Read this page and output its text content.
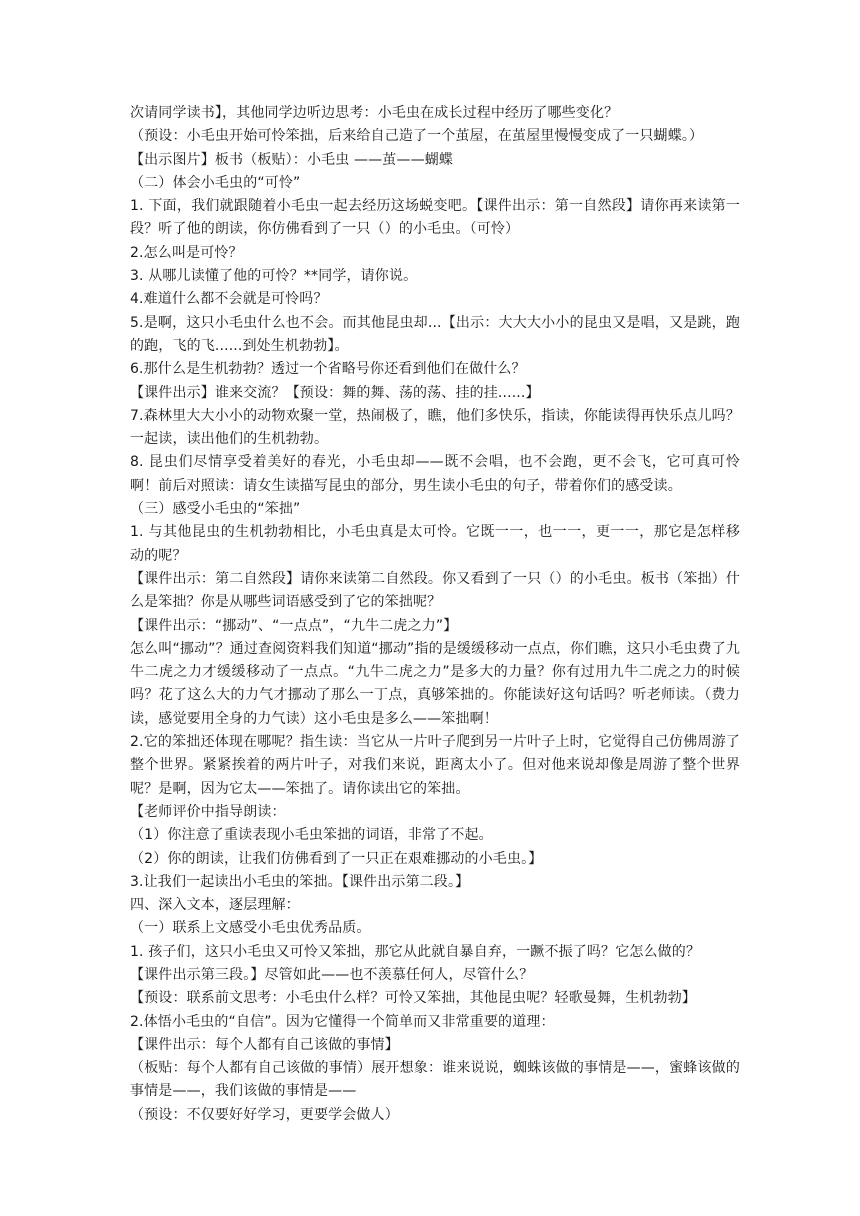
次请同学读书】，其他同学边听边思考：小毛虫在成长过程中经历了哪些变化？

（预设：小毛虫开始可怜笨拙，后来给自己造了一个茧屋，在茧屋里慢慢变成了一只蝴蝶。）

【出示图片】板书（板贴）：小毛虫 ——茧——蝴蝶

（二）体会小毛虫的“可怜”

1. 下面，我们就跟随着小毛虫一起去经历这场蜕变吧。【课件出示：第一自然段】请你再来读第一段？听了他的朗读，你仿佛看到了一只（）的小毛虫。（可怜）

2.怎么叫是可怜？

3. 从哪儿读懂了他的可怜？**同学，请你说。

4.难道什么都不会就是可怜吗？

5.是啊，这只小毛虫什么也不会。而其他昆虫却...【出示：大大大小小的昆虫又是唱，又是跳，跑的跑，飞的飞......到处生机勃勃】。

6.那什么是生机勃勃？透过一个省略号你还看到他们在做什么？

【课件出示】谁来交流？【预设：舞的舞、荡的荡、挂的挂......】

7.森林里大大小小的动物欢聚一堂，热闹极了，瞧，他们多快乐，指读，你能读得再快乐点儿吗？一起读，读出他们的生机勃勃。

8. 昆虫们尽情享受着美好的春光，小毛虫却——既不会唱，也不会跑，更不会飞，它可真可怜啊！前后对照读：请女生读描写昆虫的部分，男生读小毛虫的句子，带着你们的感受读。

（三）感受小毛虫的“笨拙”

1. 与其他昆虫的生机勃勃相比，小毛虫真是太可怜。它既一一，也一一，更一一，那它是怎样移动的呢？

【课件出示：第二自然段】请你来读第二自然段。你又看到了一只（）的小毛虫。板书（笨拙）什么是笨拙？你是从哪些词语感受到了它的笨拙呢？

【课件出示：“挪动”、“一点点”，“九牛二虎之力”】

怎么叫“挪动”？通过查阅资料我们知道“挪动”指的是缓缓移动一点点，你们瞧，这只小毛虫费了九牛二虎之力才缓缓移动了一点点。“九牛二虎之力”是多大的力量？你有过用九牛二虎之力的时候吗？花了这么大的力气才挪动了那么一丁点，真够笨拙的。你能读好这句话吗？听老师读。（费力读，感觉要用全身的力气读）这小毛虫是多么——笨拙啊！

2.它的笨拙还体现在哪呢？指生读：当它从一片叶子爬到另一片叶子上时，它觉得自己仿佛周游了整个世界。紧紧挨着的两片叶子，对我们来说，距离太小了。但对他来说却像是周游了整个世界呢？是啊，因为它太——笨拙了。请你读出它的笨拙。

【老师评价中指导朗读：

（1）你注意了重读表现小毛虫笨拙的词语，非常了不起。

（2）你的朗读，让我们仿佛看到了一只正在艰难挪动的小毛虫。】

3.让我们一起读出小毛虫的笨拙。【课件出示第二段。】

四、深入文本，逐层理解：

（一）联系上文感受小毛虫优秀品质。

1. 孩子们，这只小毛虫又可怜又笨拙，那它从此就自暴自弃，一蹶不振了吗？它怎么做的？

【课件出示第三段。】尽管如此——也不羡慕任何人，尽管什么？

【预设：联系前文思考：小毛虫什么样？可怜又笨拙，其他昆虫呢？轻歌曼舞，生机勃勃】

2.体悟小毛虫的“自信”。因为它懂得一个简单而又非常重要的道理：

【课件出示：每个人都有自己该做的事情】

（板贴：每个人都有自己该做的事情）展开想象：谁来说说，蜘蛛该做的事情是——，蜜蜂该做的事情是——，我们该做的事情是——

（预设：不仅要好好学习，更要学会做人）
